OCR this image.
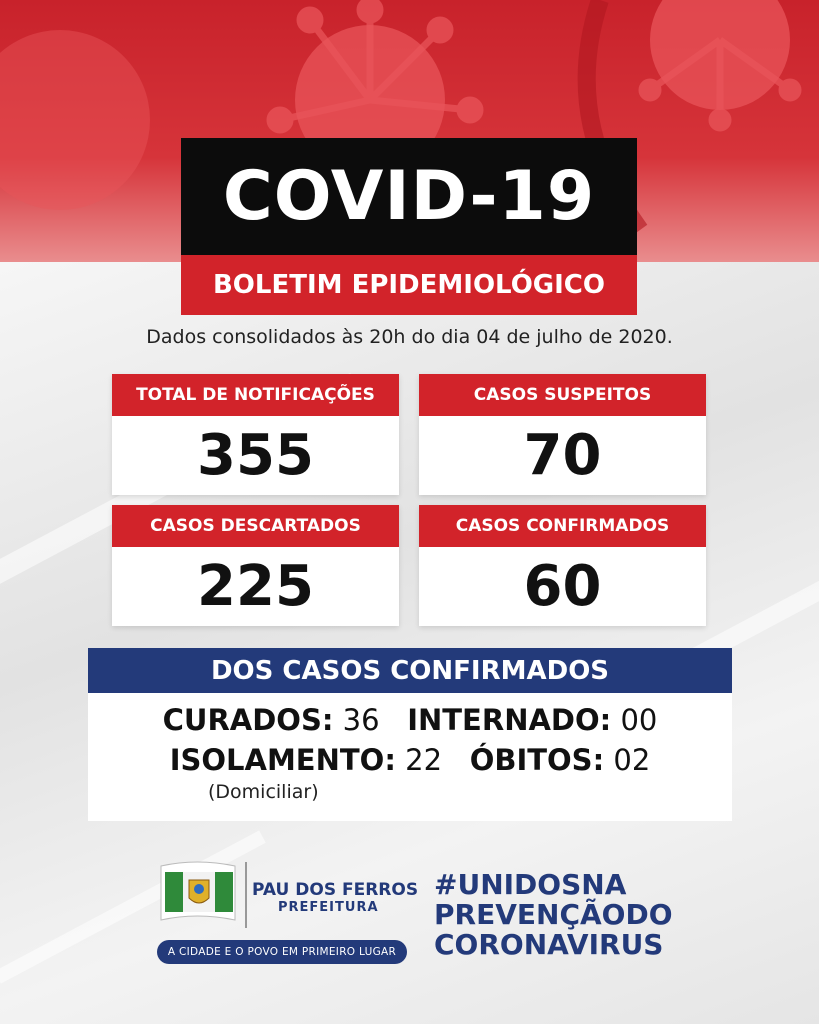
COVID-19
BOLETIM EPIDEMIOLÓGICO
Dados consolidados às 20h do dia 04 de julho de 2020.
TOTAL DE NOTIFICAÇÕES
355
CASOS SUSPEITOS
70
CASOS DESCARTADOS
225
CASOS CONFIRMADOS
60
DOS CASOS CONFIRMADOS
CURADOS: 36 INTERNADO: 00
ISOLAMENTO: 22 ÓBITOS: 02
(Domiciliar)
PAU DOS FERROS
PREFEITURA
A CIDADE E O POVO EM PRIMEIRO LUGAR
#UNIDOSNA
PREVENÇÃODO
CORONAVIRUS
